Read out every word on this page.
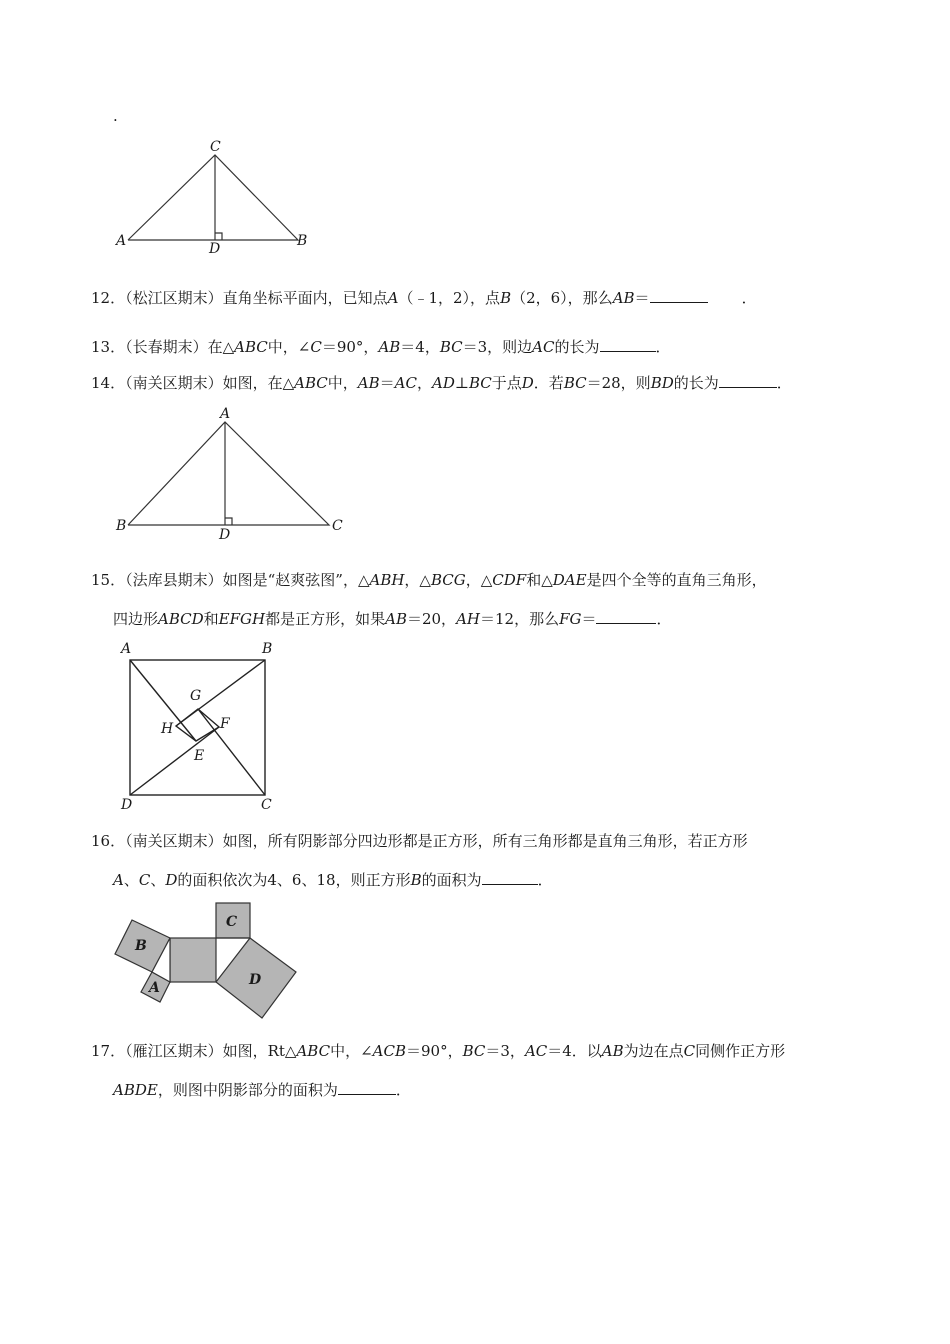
.
C
A	B
D
12．（松江区期末）直角坐标平面内，已知点A（﹣1，2），点B（2，6），那么AB＝	．
13．（长春期末）在△ABC中，∠C＝90°，AB＝4，BC＝3，则边AC的长为	．
14．（南关区期末）如图，在△ABC中，AB＝AC，AD⊥BC于点D．若BC＝28，则BD的长为	．
A
B	C
D
15．（法库县期末）如图是“赵爽弦图”，△ABH，△BCG，△CDF和△DAE是四个全等的直角三角形，
四边形ABCD和EFGH都是正方形，如果AB＝20，AH＝12，那么FG＝	．
A	B
C
D
G
H	F
E
16．（南关区期末）如图，所有阴影部分四边形都是正方形，所有三角形都是直角三角形，若正方形
A、C、D的面积依次为4、6、18，则正方形B的面积为	．
B
A
C
D
17．（雁江区期末）如图，Rt△ABC中，∠ACB＝90°，BC＝3，AC＝4．以AB为边在点C同侧作正方形
ABDE，则图中阴影部分的面积为	．
